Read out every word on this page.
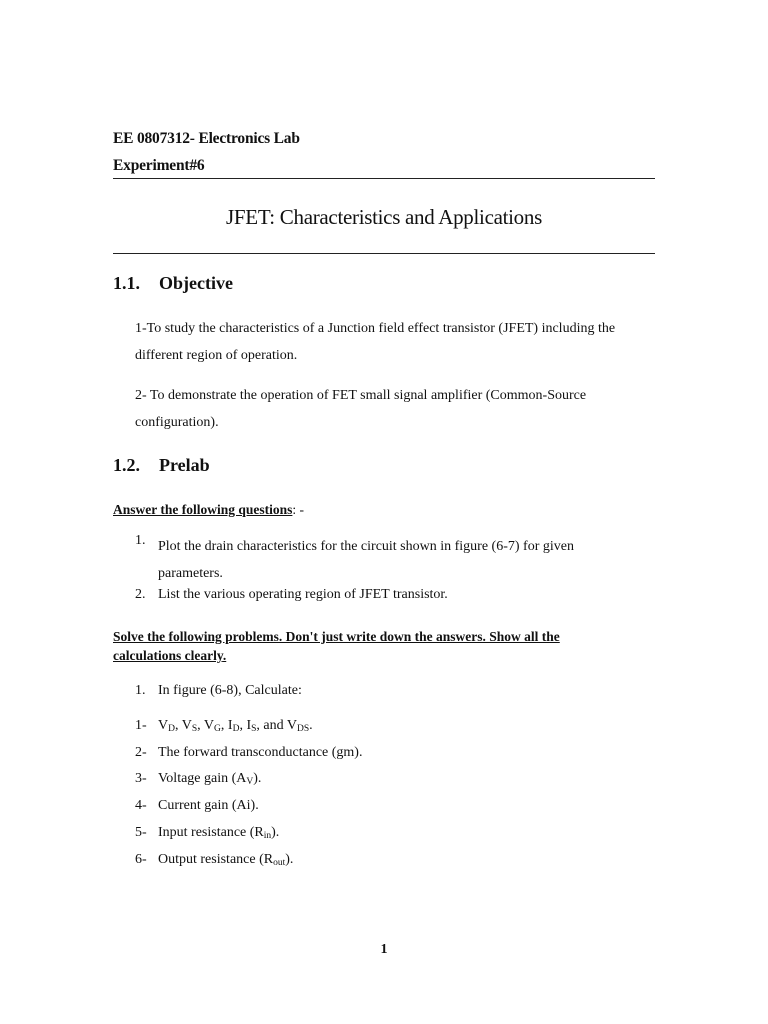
EE 0807312- Electronics Lab
Experiment#6
JFET: Characteristics and Applications
1.1. Objective
1-To study the characteristics of a Junction field effect transistor (JFET) including the
different region of operation.
2- To demonstrate the operation of FET small signal amplifier (Common-Source
configuration).
1.2. Prelab
Answer the following questions: -
1. Plot the drain characteristics for the circuit shown in figure (6-7) for given
parameters.
2. List the various operating region of JFET transistor.
Solve the following problems. Don't just write down the answers. Show all the
calculations clearly.
1. In figure (6-8), Calculate:
1- $V_D$, $V_S$, $V_G$, $I_D$, $I_S$, and $V_{DS}$.
2- The forward transconductance (gm).
3- Voltage gain $(A_V)$.
4- Current gain (Ai).
5- Input resistance $(R_{in})$.
6- Output resistance $(R_{out})$.
1
